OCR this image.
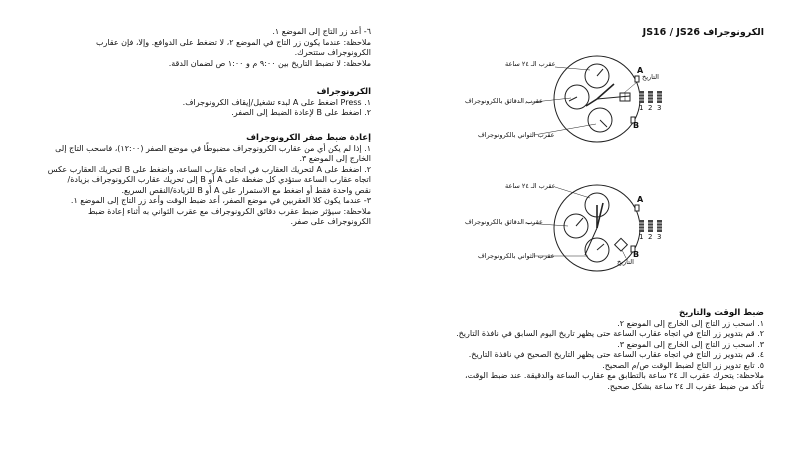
٦- أعد زر التاج إلى الموضع ١.

ملاحظة: عندما يكون زر التاج في الموضع ٢، لا تضغط على الدوافع. وإلا، فإن عقارب

الكرونوجراف ستتحرك.

ملاحظة: لا تضبط التاريخ بين ٩:٠٠ م و ١:٠٠ ص لضمان الدقة.

الكرونوجراف

١. Press اضغط على A لبدء تشغيل/إيقاف الكرونوجراف.

٢. اضغط على B لإعادة الضبط إلى الصفر.

إعادة ضبط صفر الكرونوجراف

١. إذا لم يكن أي من عقارب الكرونوجراف مضبوطًا في موضع الصفر (١٢:٠٠)، فاسحب التاج إلى

الخارج إلى الموضع ٣.

٢. اضغط على A لتحريك العقارب في اتجاه عقارب الساعة، واضغط على B لتحريك العقارب عكس

اتجاه عقارب الساعة ستؤدي كل ضغطة على A أو B إلى تحريك عقارب الكرونوجراف بزيادة/

نقص واحدة فقط أو اضغط مع الاستمرار على A أو B للزيادة/النقص السريع.

٣- عندما يكون كلا العقربين في موضع الصفر، أعد ضبط الوقت وأعد زر التاج إلى الموضع ١.

ملاحظة: سيؤثر ضبط عقرب دقائق الكرونوجراف مع عقرب الثواني به أثناء إعادة ضبط

الكرونوجراف على صفر.

الكرونوجراف JS16 / JS26
عقرب الـ ٢٤ ساعة
عقرب الدقائق بالكرونوجراف
عقرب الثواني بالكرونوجراف
التاريخ
A
B
1 2 3
عقرب الـ ٢٤ ساعة
عقرب الدقائق بالكرونوجراف
عقرب الثواني بالكرونوجراف
التاريخ
A
B
1 2 3

ضبط الوقت والتاريخ

١. اسحب زر التاج إلى الخارج إلى الموضع ٢.

٢. قم بتدوير زر التاج في اتجاه عقارب الساعة حتى يظهر تاريخ اليوم السابق في نافذة التاريخ.

٣. اسحب زر التاج إلى الخارج إلى الموضع ٣.

٤. قم بتدوير زر التاج في اتجاه عقارب الساعة حتى يظهر التاريخ الصحيح في نافذة التاريخ.

٥. تابع تدوير زر التاج لضبط الوقت ص/م الصحيح.

ملاحظة: يتحرك عقرب الـ ٢٤ ساعة بالتطابق مع عقارب الساعة والدقيقة. عند ضبط الوقت،

تأكد من ضبط عقرب الـ ٢٤ ساعة بشكل صحيح.
